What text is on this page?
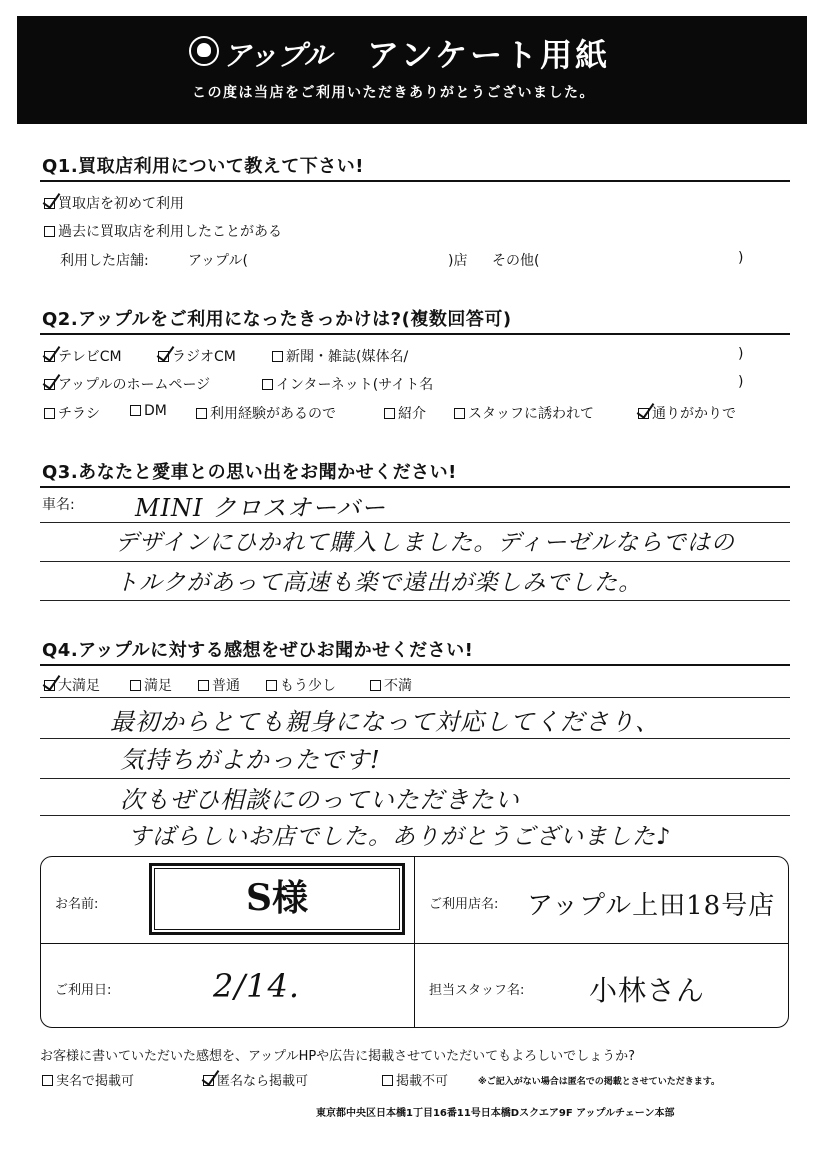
アップル アンケート用紙
この度は当店をご利用いただきありがとうございました。
Q1.買取店利用について教えて下さい!
買取店を初めて利用
過去に買取店を利用したことがある
利用した店舗:	アップル(	)店 その他(	)
Q2.アップルをご利用になったきっかけは?(複数回答可)
テレビCM	ラジオCM	新聞・雑誌(媒体名/	)
アップルのホームページ	インターネット(サイト名	)
チラシ	DM	利用経験があるので	紹介	スタッフに誘われて	通りがかりで
Q3.あなたと愛車との思い出をお聞かせください!
車名:	MINI クロスオーバー
デザインにひかれて購入しました。ディーゼルならではの
トルクがあって高速も楽で遠出が楽しみでした。
Q4.アップルに対する感想をぜひお聞かせください!
大満足	満足	普通	もう少し	不満
最初からとても親身になって対応してくださり、
気持ちがよかったです!
次もぜひ相談にのっていただきたい
すばらしいお店でした。ありがとうございました♪
お名前:	S様	ご利用店名: アップル上田18号店
ご利用日:	2/14.	担当スタッフ名: 小林さん
お客様に書いていただいた感想を、アップルHPや広告に掲載させていただいてもよろしいでしょうか?
実名で掲載可	匿名なら掲載可	掲載不可	※ご記入がない場合は匿名での掲載とさせていただきます。
東京都中央区日本橋1丁目16番11号日本橋Dスクエア9F アップルチェーン本部
